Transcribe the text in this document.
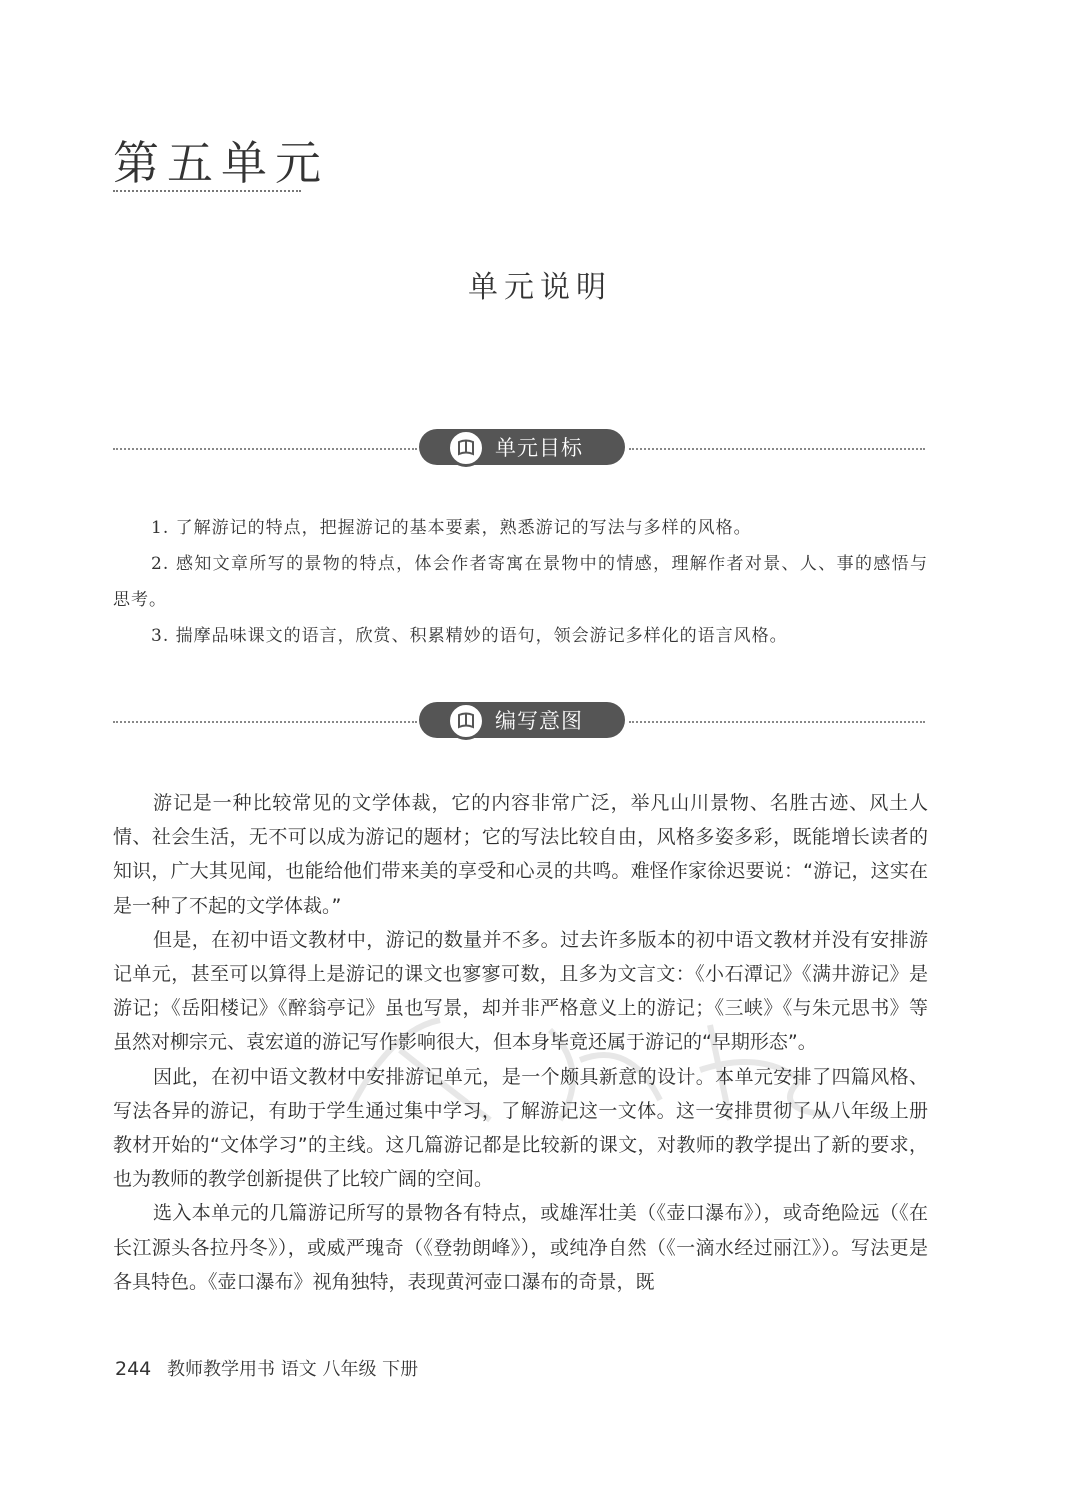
第五单元
单元说明
单元目标

1. 了解游记的特点，把握游记的基本要素，熟悉游记的写法与多样的风格。

2. 感知文章所写的景物的特点，体会作者寄寓在景物中的情感，理解作者对景、人、事的感悟与思考。

3. 揣摩品味课文的语言，欣赏、积累精妙的语句，领会游记多样化的语言风格。

编写意图

游记是一种比较常见的文学体裁，它的内容非常广泛，举凡山川景物、名胜古迹、风土人情、社会生活，无不可以成为游记的题材；它的写法比较自由，风格多姿多彩，既能增长读者的知识，广大其见闻，也能给他们带来美的享受和心灵的共鸣。难怪作家徐迟要说：“游记，这实在是一种了不起的文学体裁。”

但是，在初中语文教材中，游记的数量并不多。过去许多版本的初中语文教材并没有安排游记单元，甚至可以算得上是游记的课文也寥寥可数，且多为文言文：《小石潭记》《满井游记》是游记；《岳阳楼记》《醉翁亭记》虽也写景，却并非严格意义上的游记；《三峡》《与朱元思书》等虽然对柳宗元、袁宏道的游记写作影响很大，但本身毕竟还属于游记的“早期形态”。

因此，在初中语文教材中安排游记单元，是一个颇具新意的设计。本单元安排了四篇风格、写法各异的游记，有助于学生通过集中学习，了解游记这一文体。这一安排贯彻了从八年级上册教材开始的“文体学习”的主线。这几篇游记都是比较新的课文，对教师的教学提出了新的要求，也为教师的教学创新提供了比较广阔的空间。

选入本单元的几篇游记所写的景物各有特点，或雄浑壮美（《壶口瀑布》），或奇绝险远（《在长江源头各拉丹冬》），或威严瑰奇（《登勃朗峰》），或纯净自然（《一滴水经过丽江》）。写法更是各具特色。《壶口瀑布》视角独特，表现黄河壶口瀑布的奇景，既

244 教师教学用书 语文 八年级 下册
